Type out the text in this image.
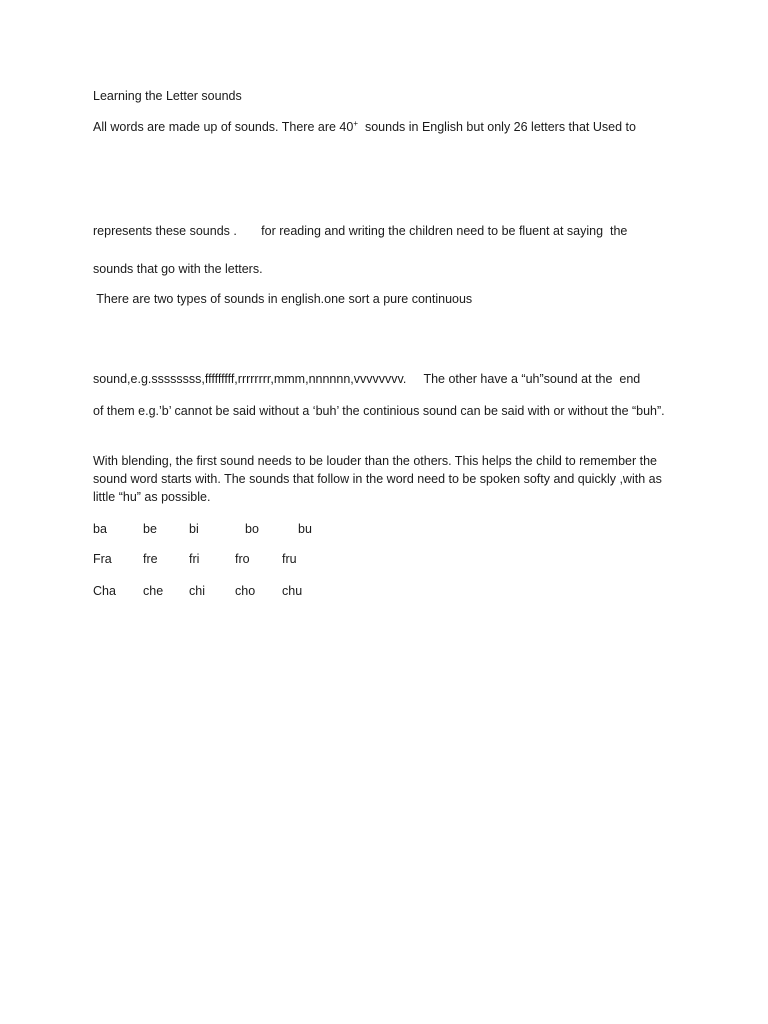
Learning the Letter sounds
All words are made up of sounds. There are 40+  sounds in English but only 26 letters that Used to
represents these sounds .       for reading and writing the children need to be fluent at saying  the
sounds that go with the letters.
There are two types of sounds in english.one sort a pure continuous
sound,e.g.ssssssss,fffffffff,rrrrrrrr,mmm,nnnnnn,vvvvvvvv.     The other have a “uh”sound at the  end
of them e.g.’b’ cannot be said without a ‘buh’ the continious sound can be said with or without the “buh”.
With blending, the first sound needs to be louder than the others. This helps the child to remember the sound word starts with. The sounds that follow in the word need to be spoken softy and quickly ,with as little “hu” as possible.
ba	be	bi	bo	bu
Fra	fre	fri	fro	fru
Cha che chi cho chu
